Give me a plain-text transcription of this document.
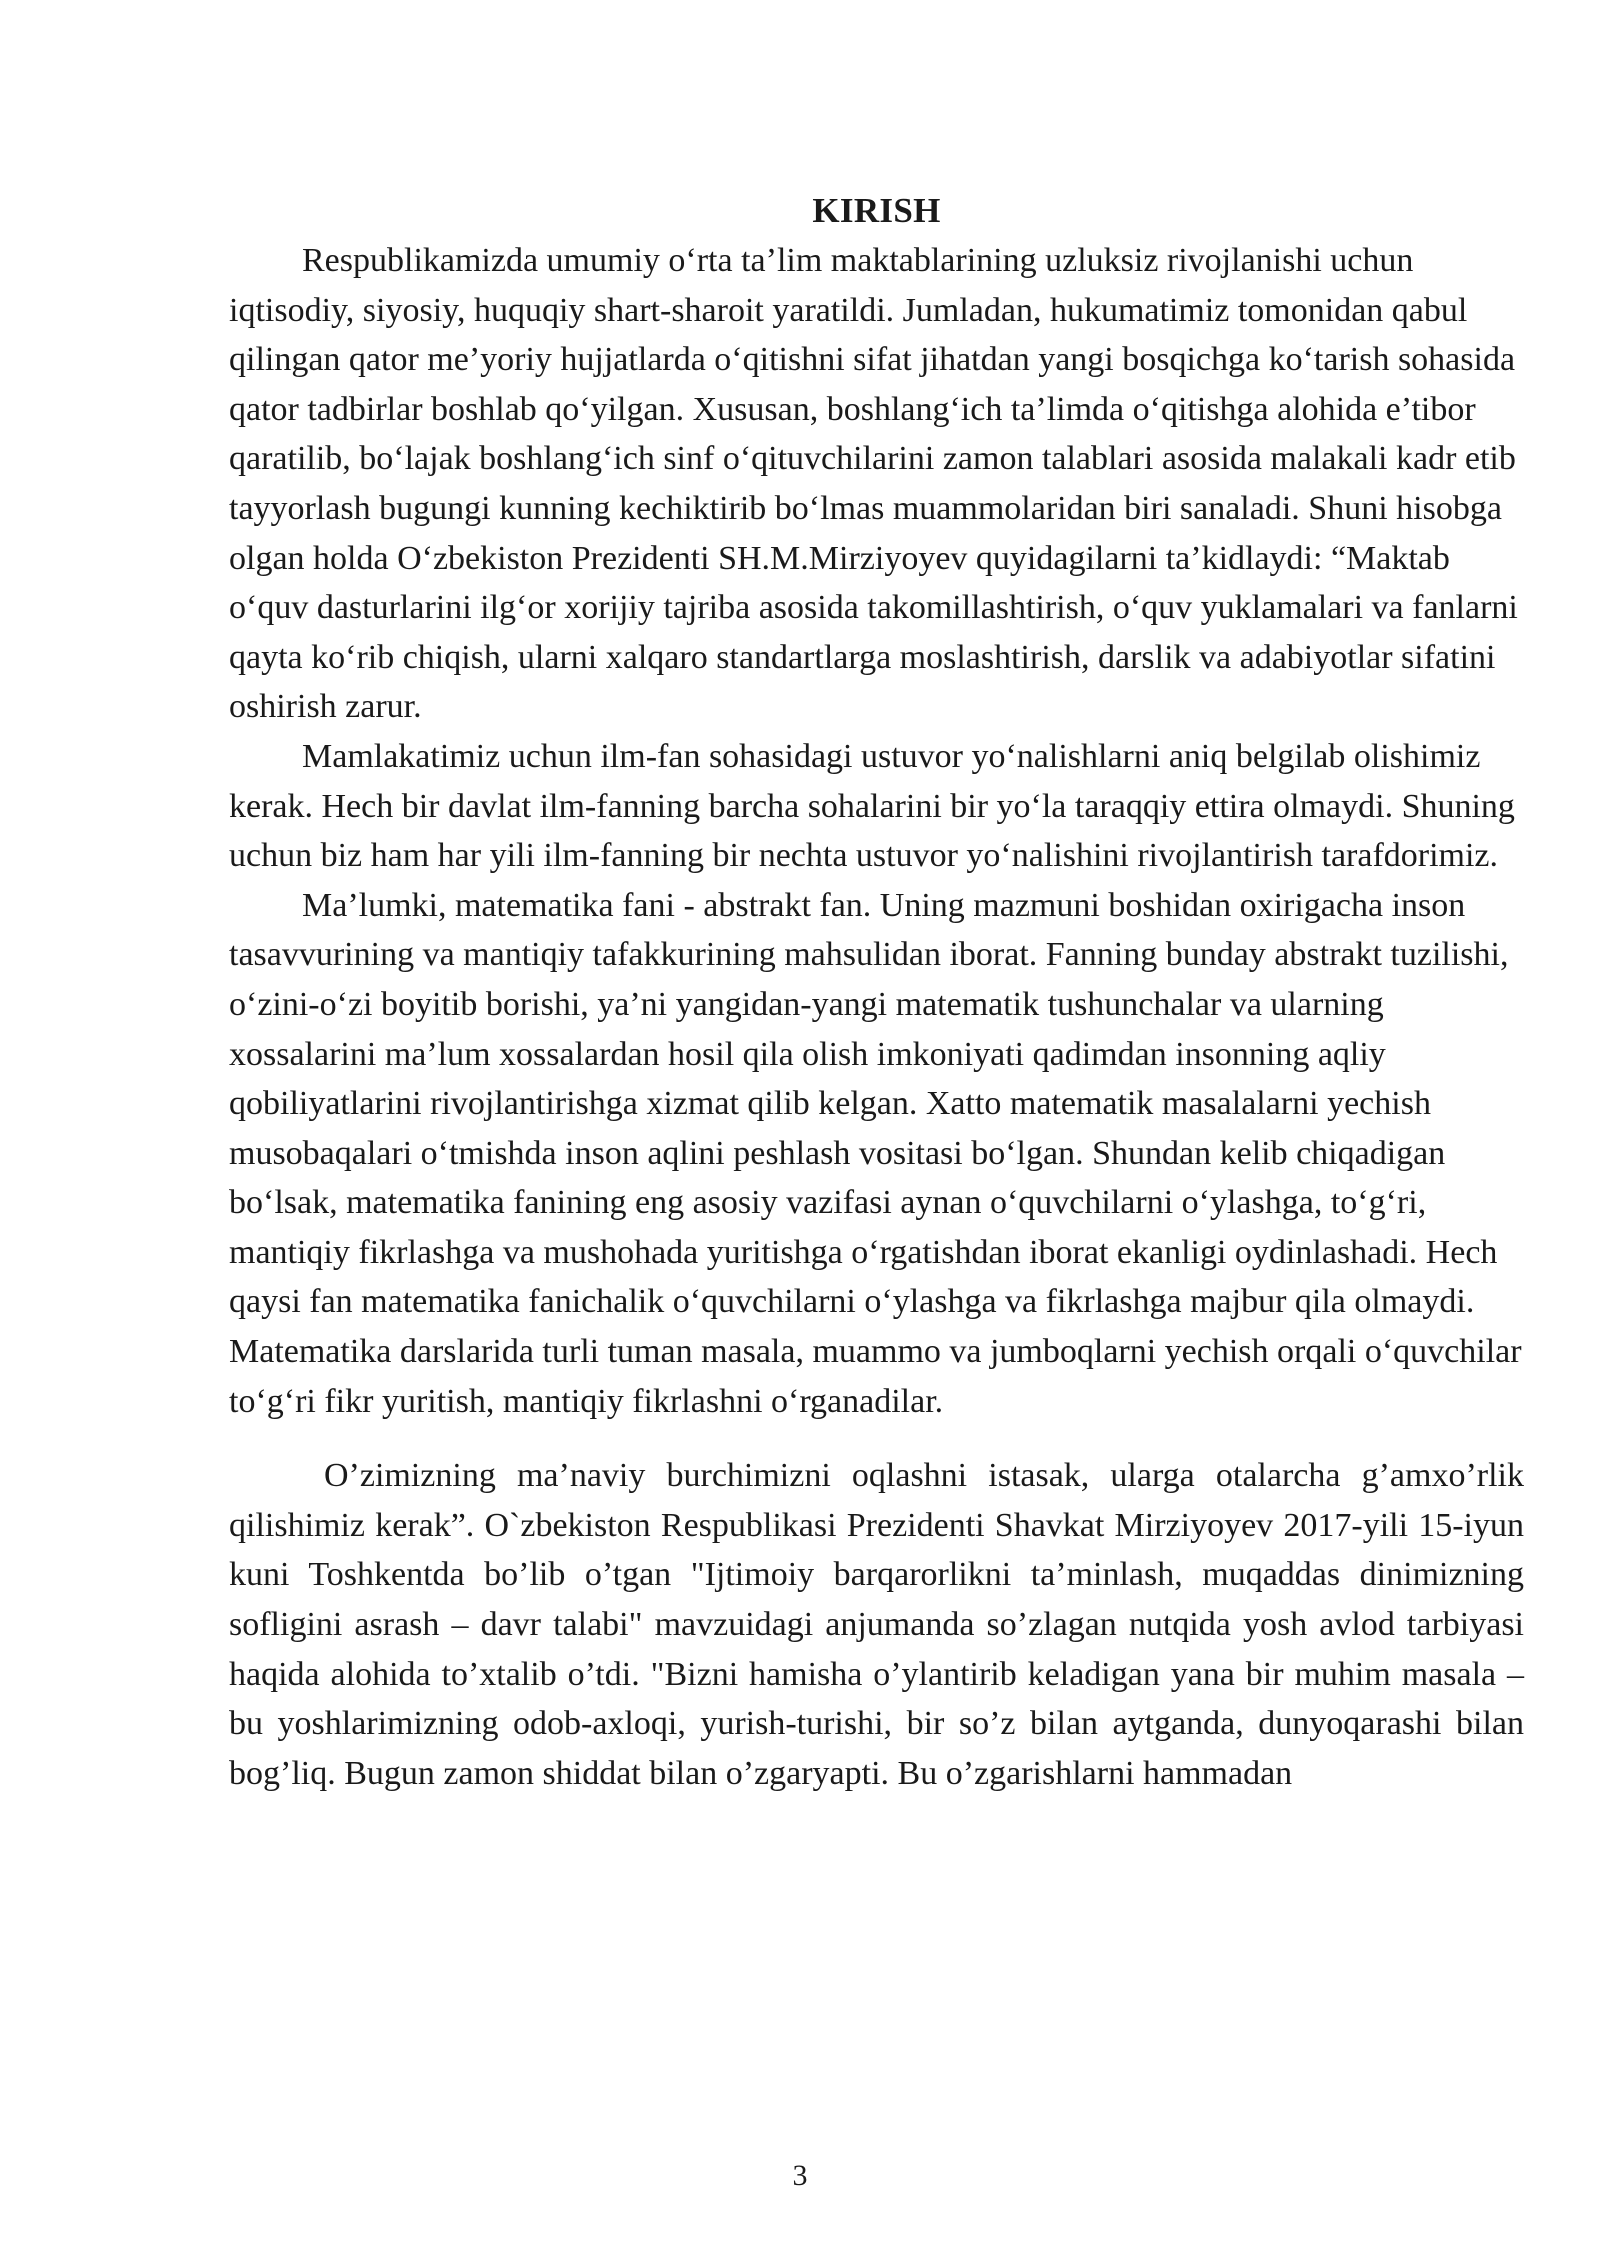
KIRISH

Respublikamizda umumiy o‘rta ta’lim maktablarining uzluksiz rivojlanishi uchun iqtisodiy, siyosiy, huquqiy shart-sharoit yaratildi. Jumladan, hukumatimiz tomonidan qabul qilingan qator me’yoriy hujjatlarda o‘qitishni sifat jihatdan yangi bosqichga ko‘tarish sohasida qator tadbirlar boshlab qo‘yilgan. Xususan, boshlang‘ich ta’limda o‘qitishga alohida e’tibor qaratilib, bo‘lajak boshlang‘ich sinf o‘qituvchilarini zamon talablari asosida malakali kadr etib tayyorlash bugungi kunning kechiktirib bo‘lmas muammolaridan biri sanaladi. Shuni hisobga olgan holda O‘zbekiston Prezidenti SH.M.Mirziyoyev quyidagilarni ta’kidlaydi: “Maktab o‘quv dasturlarini ilg‘or xorijiy tajriba asosida takomillashtirish, o‘quv yuklamalari va fanlarni qayta ko‘rib chiqish, ularni xalqaro standartlarga moslashtirish, darslik va adabiyotlar sifatini oshirish zarur.

Mamlakatimiz uchun ilm-fan sohasidagi ustuvor yo‘nalishlarni aniq belgilab olishimiz kerak. Hech bir davlat ilm-fanning barcha sohalarini bir yo‘la taraqqiy ettira olmaydi. Shuning uchun biz ham har yili ilm-fanning bir nechta ustuvor yo‘nalishini rivojlantirish tarafdorimiz.

Ma’lumki, matematika fani - abstrakt fan. Uning mazmuni boshidan oxirigacha inson tasavvurining va mantiqiy tafakkurining mahsulidan iborat. Fanning bunday abstrakt tuzilishi, o‘zini-o‘zi boyitib borishi, ya’ni yangidan-yangi matematik tushunchalar va ularning xossalarini ma’lum xossalardan hosil qila olish imkoniyati qadimdan insonning aqliy qobiliyatlarini rivojlantirishga xizmat qilib kelgan. Xatto matematik masalalarni yechish musobaqalari o‘tmishda inson aqlini peshlash vositasi bo‘lgan. Shundan kelib chiqadigan bo‘lsak, matematika fanining eng asosiy vazifasi aynan o‘quvchilarni o‘ylashga, to‘g‘ri, mantiqiy fikrlashga va mushohada yuritishga o‘rgatishdan iborat ekanligi oydinlashadi. Hech qaysi fan matematika fanichalik o‘quvchilarni o‘ylashga va fikrlashga majbur qila olmaydi. Matematika darslarida turli tuman masala, muammo va jumboqlarni yechish orqali o‘quvchilar to‘g‘ri fikr yuritish, mantiqiy fikrlashni o‘rganadilar.

O’zimizning ma’naviy burchimizni oqlashni istasak, ularga otalarcha g’amxo’rlik qilishimiz kerak”. O`zbekiston Respublikasi Prezidenti Shavkat Mirziyoyev 2017-yili 15-iyun kuni Toshkentda bo’lib o’tgan "Ijtimoiy barqarorlikni ta’minlash, muqaddas dinimizning sofligini asrash – davr talabi" mavzuidagi anjumanda so’zlagan nutqida yosh avlod tarbiyasi haqida alohida to’xtalib o’tdi. "Bizni hamisha o’ylantirib keladigan yana bir muhim masala – bu yoshlarimizning odob-axloqi, yurish-turishi, bir so’z bilan aytganda, dunyoqarashi bilan bog’liq. Bugun zamon shiddat bilan o’zgaryapti. Bu o’zgarishlarni hammadan

3
